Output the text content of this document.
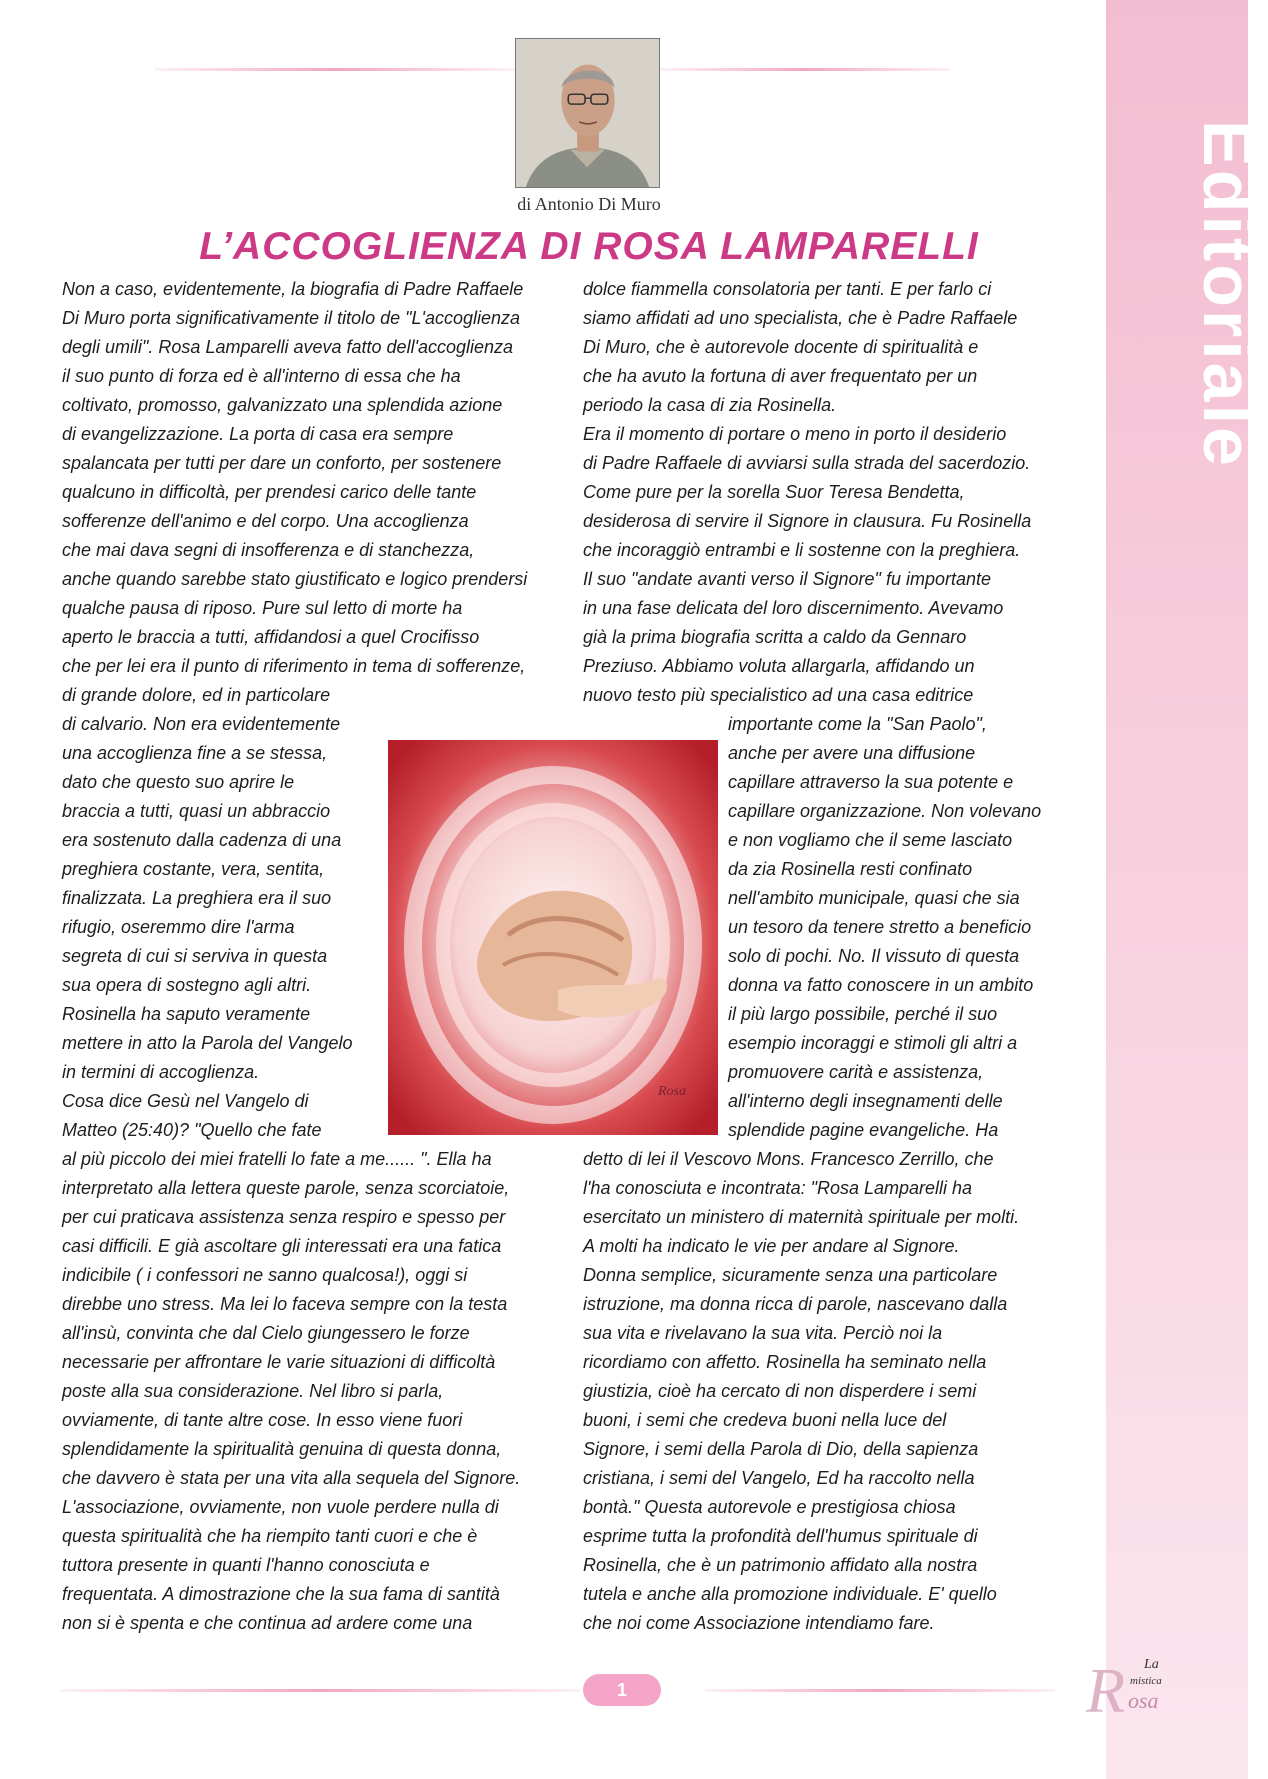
Editoriale
di Antonio Di Muro
L’ACCOGLIENZA DI ROSA LAMPARELLI
Non a caso, evidentemente, la biografia di Padre Raffaele
Di Muro porta significativamente il titolo de "L'accoglienza
degli umili". Rosa Lamparelli aveva fatto dell'accoglienza
il suo punto di forza ed è all'interno di essa che ha
coltivato, promosso, galvanizzato una splendida azione
di evangelizzazione. La porta di casa era sempre
spalancata per tutti per dare un conforto, per sostenere
qualcuno in difficoltà, per prendesi carico delle tante
sofferenze dell'animo e del corpo. Una accoglienza
che mai dava segni di insofferenza e di stanchezza,
anche quando sarebbe stato giustificato e logico prendersi
qualche pausa di riposo. Pure sul letto di morte ha
aperto le braccia a tutti, affidandosi a quel Crocifisso
che per lei era il punto di riferimento in tema di sofferenze,
di grande dolore, ed in particolare
di calvario. Non era evidentemente
una accoglienza fine a se stessa,
dato che questo suo aprire le
braccia a tutti, quasi un abbraccio
era sostenuto dalla cadenza di una
preghiera costante, vera, sentita,
finalizzata. La preghiera era il suo
rifugio, oseremmo dire l'arma
segreta di cui si serviva in questa
sua opera di sostegno agli altri.
Rosinella ha saputo veramente
mettere in atto la Parola del Vangelo
in termini di accoglienza.
Cosa dice Gesù nel Vangelo di
Matteo (25:40)? "Quello che fate
al più piccolo dei miei fratelli lo fate a me...... ". Ella ha
interpretato alla lettera queste parole, senza scorciatoie,
per cui praticava assistenza senza respiro e spesso per
casi difficili. E già ascoltare gli interessati era una fatica
indicibile ( i confessori ne sanno qualcosa!), oggi si
direbbe uno stress. Ma lei lo faceva sempre con la testa
all'insù, convinta che dal Cielo giungessero le forze
necessarie per affrontare le varie situazioni di difficoltà
poste alla sua considerazione. Nel libro si parla,
ovviamente, di tante altre cose. In esso viene fuori
splendidamente la spiritualità genuina di questa donna,
che davvero è stata per una vita alla sequela del Signore.
L'associazione, ovviamente, non vuole perdere nulla di
questa spiritualità che ha riempito tanti cuori e che è
tuttora presente in quanti l'hanno conosciuta e
frequentata. A dimostrazione che la sua fama di santità
non si è spenta e che continua ad ardere come una
dolce fiammella consolatoria per tanti. E per farlo ci
siamo affidati ad uno specialista, che è Padre Raffaele
Di Muro, che è autorevole docente di spiritualità e
che ha avuto la fortuna di aver frequentato per un
periodo la casa di zia Rosinella.
Era il momento di portare o meno in porto il desiderio
di Padre Raffaele di avviarsi sulla strada del sacerdozio.
Come pure per la sorella Suor Teresa Bendetta,
desiderosa di servire il Signore in clausura. Fu Rosinella
che incoraggiò entrambi e li sostenne con la preghiera.
Il suo "andate avanti verso il Signore" fu importante
in una fase delicata del loro discernimento. Avevamo
già la prima biografia scritta a caldo da Gennaro
Preziuso. Abbiamo voluta allargarla, affidando un
nuovo testo più specialistico ad una casa editrice
importante come la "San Paolo",
anche per avere una diffusione
capillare attraverso la sua potente e
capillare organizzazione. Non volevano
e non vogliamo che il seme lasciato
da zia Rosinella resti confinato
nell'ambito municipale, quasi che sia
un tesoro da tenere stretto a beneficio
solo di pochi. No. Il vissuto di questa
donna va fatto conoscere in un ambito
il più largo possibile, perché il suo
esempio incoraggi e stimoli gli altri a
promuovere carità e assistenza,
all'interno degli insegnamenti delle
splendide pagine evangeliche. Ha
detto di lei il Vescovo Mons. Francesco Zerrillo, che
l'ha conosciuta e incontrata: "Rosa Lamparelli ha
esercitato un ministero di maternità spirituale per molti.
A molti ha indicato le vie per andare al Signore.
Donna semplice, sicuramente senza una particolare
istruzione, ma donna ricca di parole, nascevano dalla
sua vita e rivelavano la sua vita. Perciò noi la
ricordiamo con affetto. Rosinella ha seminato nella
giustizia, cioè ha cercato di non disperdere i semi
buoni, i semi che credeva buoni nella luce del
Signore, i semi della Parola di Dio, della sapienza
cristiana, i semi del Vangelo, Ed ha raccolto nella
bontà." Questa autorevole e prestigiosa chiosa
esprime tutta la profondità dell'humus spirituale di
Rosinella, che è un patrimonio affidato alla nostra
tutela e anche alla promozione individuale. E' quello
che noi come Associazione intendiamo fare.
Rosa
1	R La
mistica
osa
